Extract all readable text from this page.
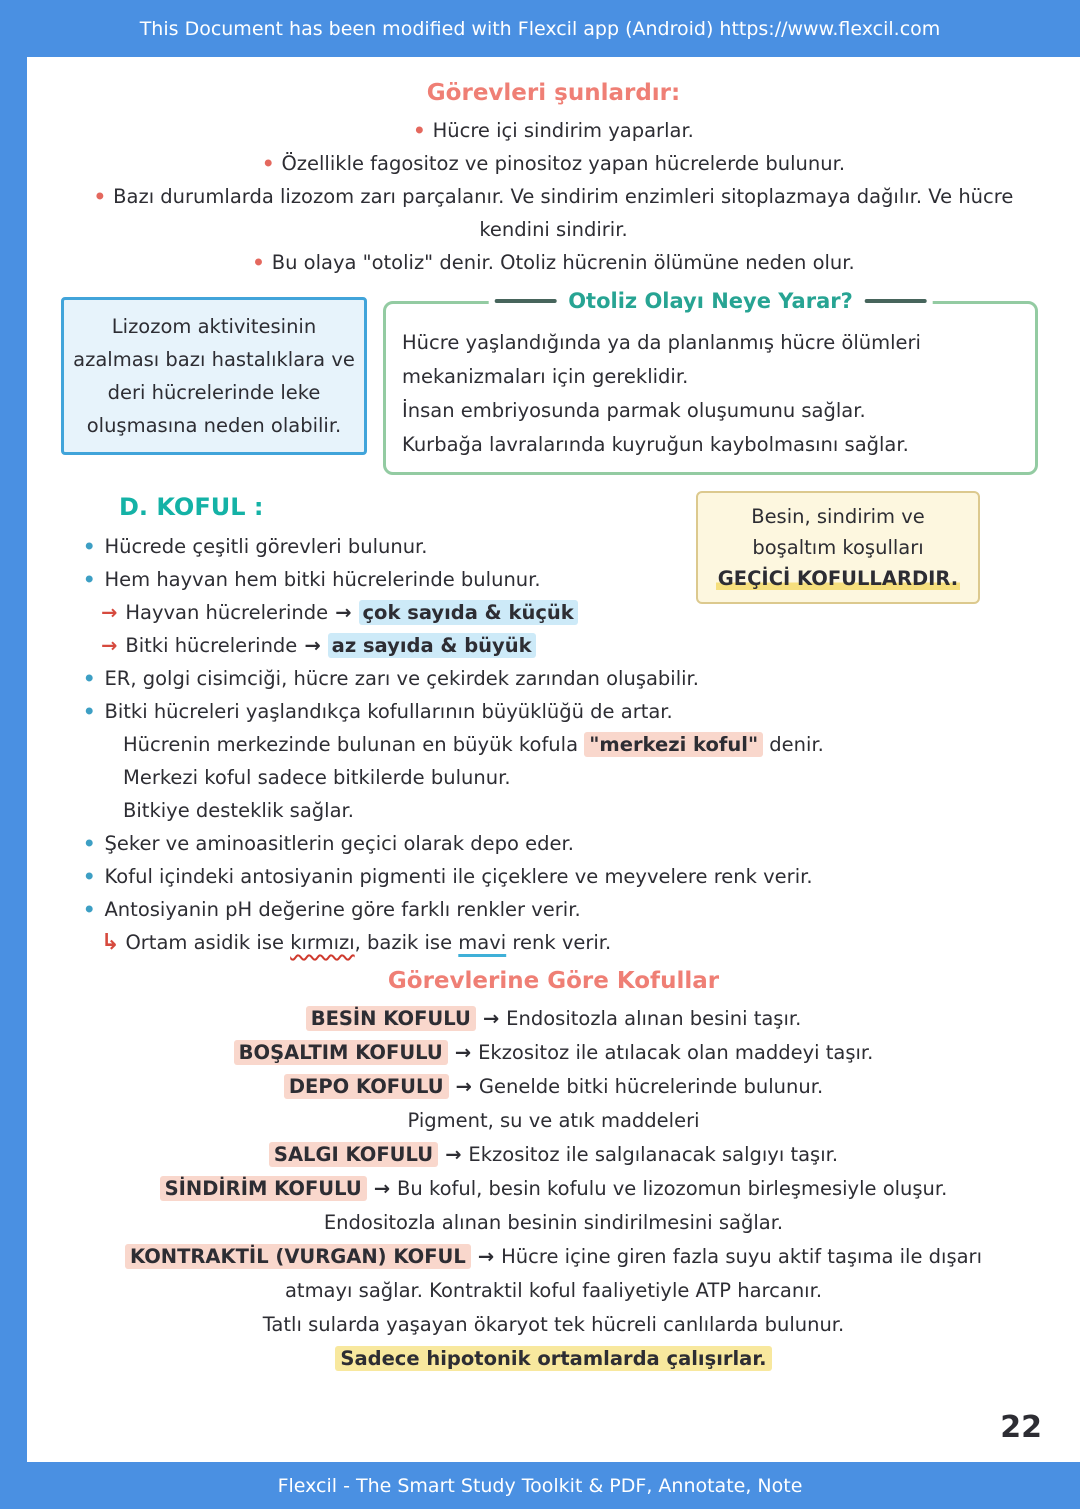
This Document has been modified with Flexcil app (Android) https://www.flexcil.com
Görevleri şunlardır:
• Hücre içi sindirim yaparlar.
• Özellikle fagositoz ve pinositoz yapan hücrelerde bulunur.
• Bazı durumlarda lizozom zarı parçalanır. Ve sindirim enzimleri sitoplazmaya dağılır. Ve hücre kendini sindirir.
• Bu olaya "otoliz" denir. Otoliz hücrenin ölümüne neden olur.
Lizozom aktivitesinin azalması bazı hastalıklara ve deri hücrelerinde leke oluşmasına neden olabilir.
Otoliz Olayı Neye Yarar?
Hücre yaşlandığında ya da planlanmış hücre ölümleri mekanizmaları için gereklidir.
İnsan embriyosunda parmak oluşumunu sağlar.
Kurbağa lavralarında kuyruğun kaybolmasını sağlar.
D. KOFUL :	Besin, sindirim ve
boşaltım koşulları
GEÇİCİ KOFULLARDIR.
• Hücrede çeşitli görevleri bulunur.
• Hem hayvan hem bitki hücrelerinde bulunur.
→ Hayvan hücrelerinde → çok sayıda & küçük
→ Bitki hücrelerinde → az sayıda & büyük
• ER, golgi cisimciği, hücre zarı ve çekirdek zarından oluşabilir.
• Bitki hücreleri yaşlandıkça kofullarının büyüklüğü de artar.
Hücrenin merkezinde bulunan en büyük kofula "merkezi koful" denir.
Merkezi koful sadece bitkilerde bulunur.
Bitkiye desteklik sağlar.
• Şeker ve aminoasitlerin geçici olarak depo eder.
• Koful içindeki antosiyanin pigmenti ile çiçeklere ve meyvelere renk verir.
• Antosiyanin pH değerine göre farklı renkler verir.
↳ Ortam asidik ise kırmızı, bazik ise mavi renk verir.
Görevlerine Göre Kofullar
BESİN KOFULU → Endositozla alınan besini taşır.
BOŞALTIM KOFULU → Ekzositoz ile atılacak olan maddeyi taşır.
DEPO KOFULU → Genelde bitki hücrelerinde bulunur.
Pigment, su ve atık maddeleri
SALGI KOFULU → Ekzositoz ile salgılanacak salgıyı taşır.
SİNDİRİM KOFULU → Bu koful, besin kofulu ve lizozomun birleşmesiyle oluşur.
Endositozla alınan besinin sindirilmesini sağlar.
KONTRAKTİL (VURGAN) KOFUL → Hücre içine giren fazla suyu aktif taşıma ile dışarı atmayı sağlar. Kontraktil koful faaliyetiyle ATP harcanır.
Tatlı sularda yaşayan ökaryot tek hücreli canlılarda bulunur.
Sadece hipotonik ortamlarda çalışırlar.
22
Flexcil - The Smart Study Toolkit & PDF, Annotate, Note
